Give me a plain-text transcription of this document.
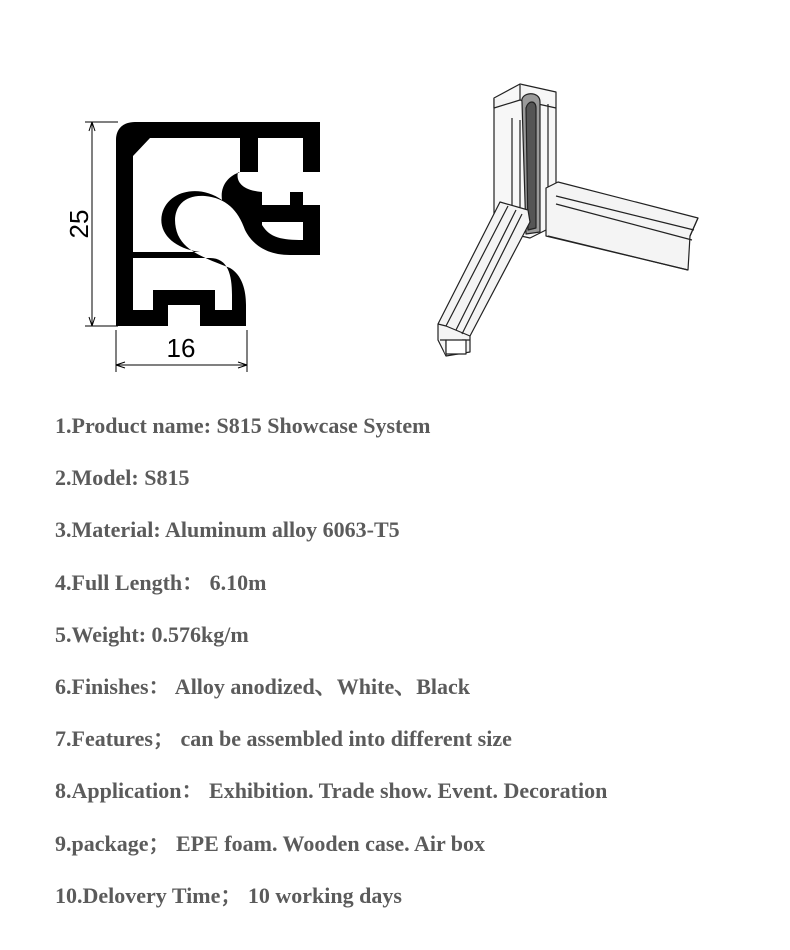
25
16
1.Product name: S815 Showcase System
2.Model: S815
3.Material: Aluminum alloy 6063-T5
4.Full Length： 6.10m
5.Weight: 0.576kg/m
6.Finishes： Alloy anodized、White、Black
7.Features； can be assembled into different size
8.Application： Exhibition. Trade show. Event. Decoration
9.package； EPE foam. Wooden case. Air box
10.Delovery Time； 10 working days
